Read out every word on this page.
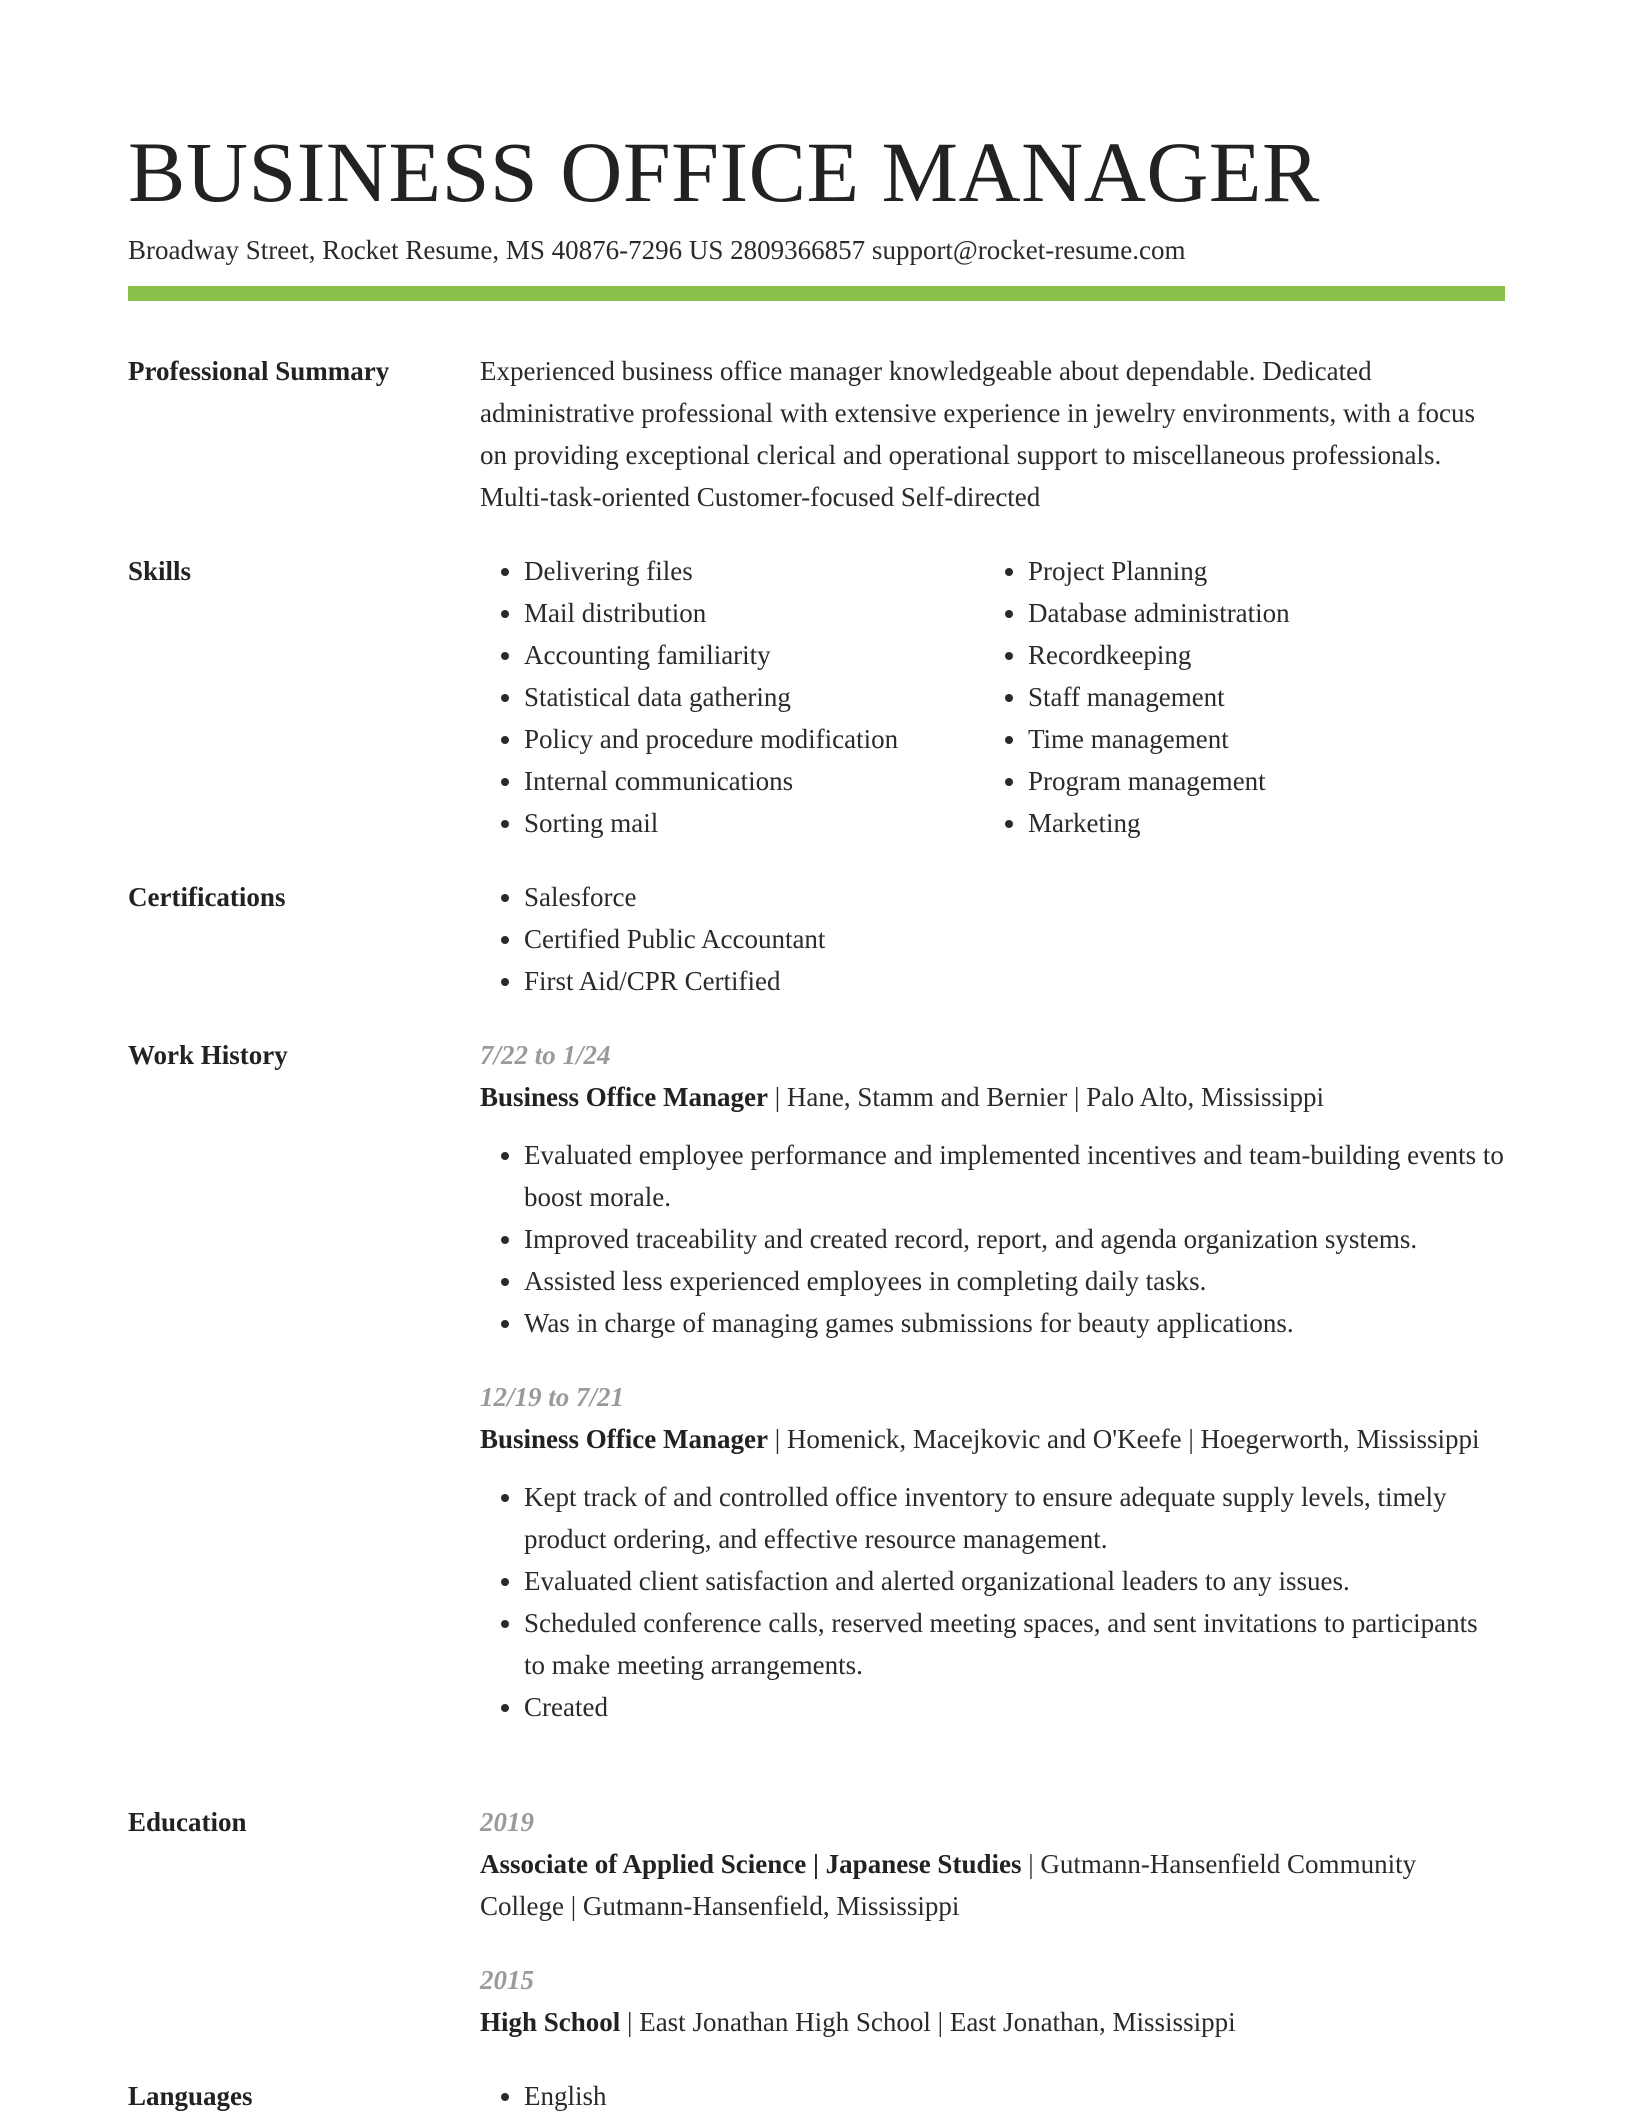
BUSINESS OFFICE MANAGER
Broadway Street, Rocket Resume, MS 40876-7296 US 2809366857 support@rocket-resume.com
Professional Summary	Experienced business office manager knowledgeable about dependable. Dedicated administrative professional with extensive experience in jewelry environments, with a focus on providing exceptional clerical and operational support to miscellaneous professionals. Multi-task-oriented Customer-focused Self-directed

Skills	• Delivering files
• Mail distribution
• Accounting familiarity
• Statistical data gathering
• Policy and procedure modification
• Internal communications
• Sorting mail
• Project Planning
• Database administration
• Recordkeeping
• Staff management
• Time management
• Program management
• Marketing
Certifications	• Salesforce
• Certified Public Accountant
• First Aid/CPR Certified
Work History	7/22 to 1/24

Business Office Manager | Hane, Stamm and Bernier | Palo Alto, Mississippi

• Evaluated employee performance and implemented incentives and team-building events to boost morale.
• Improved traceability and created record, report, and agenda organization systems.
• Assisted less experienced employees in completing daily tasks.
• Was in charge of managing games submissions for beauty applications.
12/19 to 7/21

Business Office Manager | Homenick, Macejkovic and O'Keefe | Hoegerworth, Mississippi

• Kept track of and controlled office inventory to ensure adequate supply levels, timely product ordering, and effective resource management.
• Evaluated client satisfaction and alerted organizational leaders to any issues.
• Scheduled conference calls, reserved meeting spaces, and sent invitations to participants to make meeting arrangements.
• Created
Education	2019

Associate of Applied Science | Japanese Studies | Gutmann-Hansenfield Community College | Gutmann-Hansenfield, Mississippi

2015

High School | East Jonathan High School | East Jonathan, Mississippi

Languages	• English
